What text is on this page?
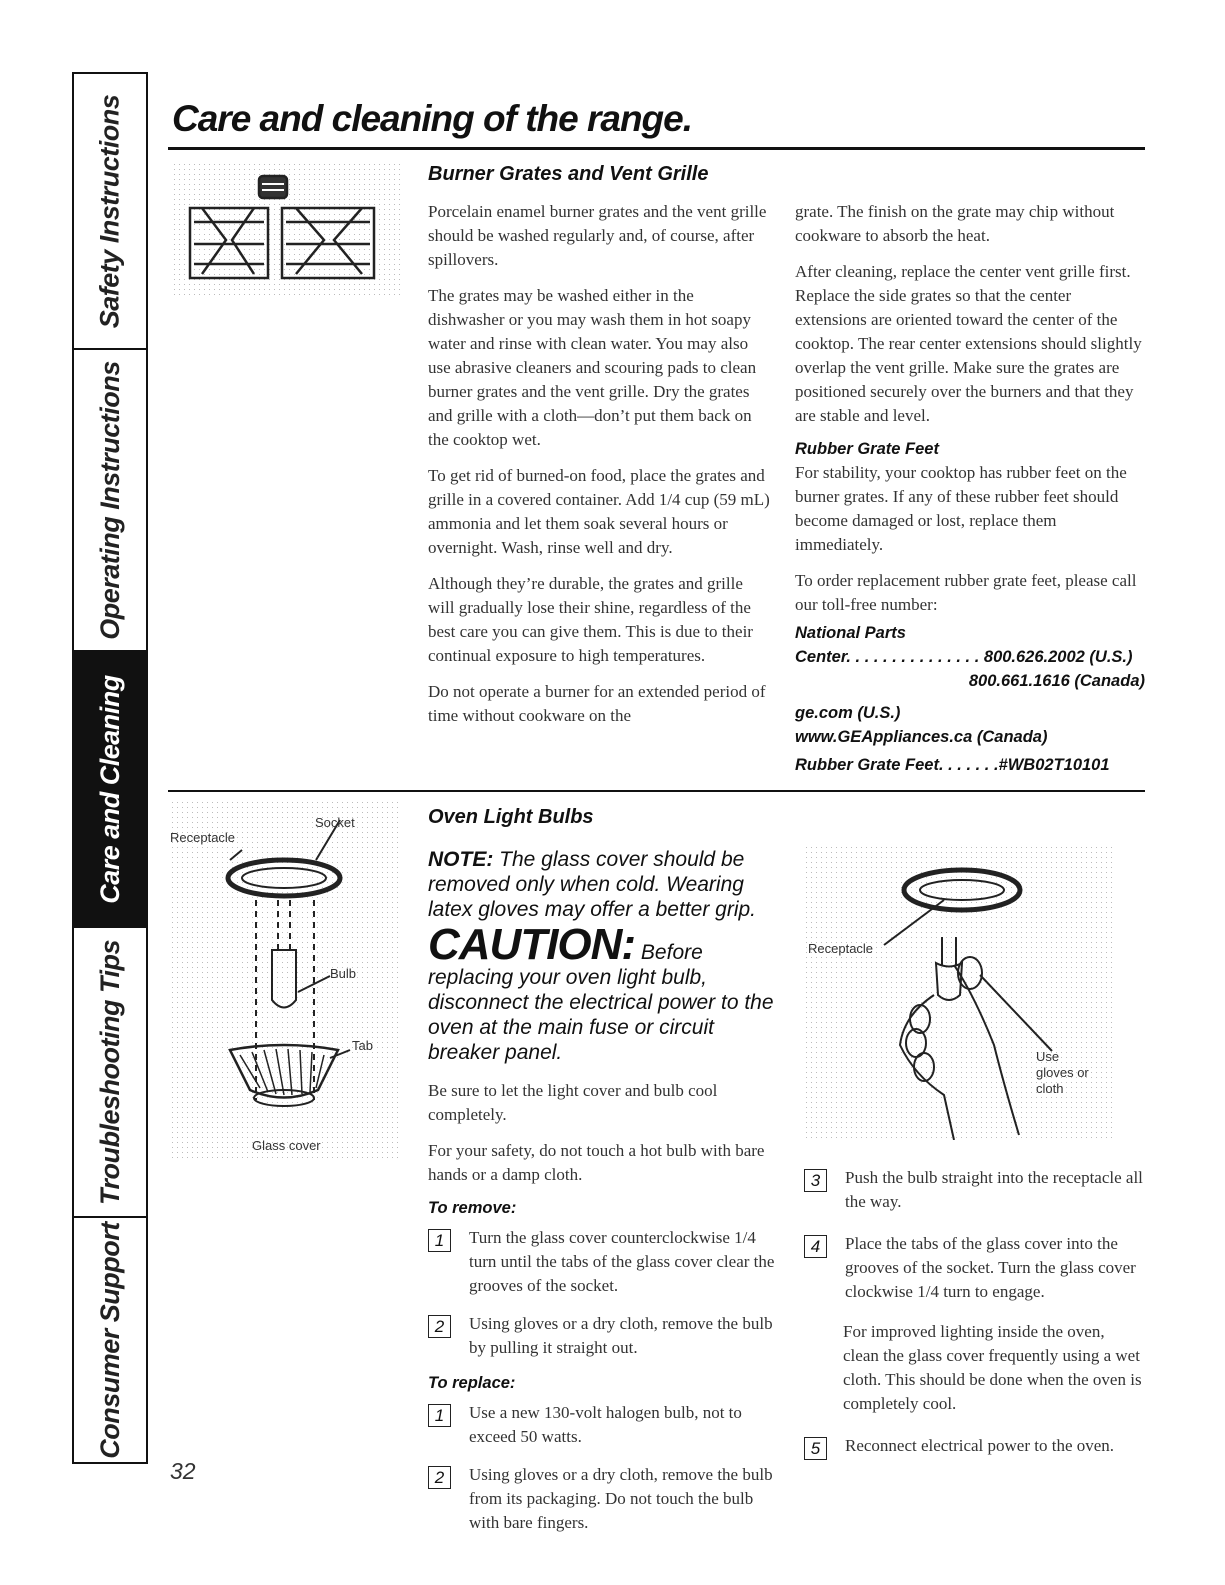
Safety Instructions
Operating Instructions
Care and Cleaning
Troubleshooting Tips
Consumer Support
Care and cleaning of the range.
Burner Grates and Vent Grille

Porcelain enamel burner grates and the vent grille should be washed regularly and, of course, after spillovers.

The grates may be washed either in the dishwasher or you may wash them in hot soapy water and rinse with clean water. You may also use abrasive cleaners and scouring pads to clean burner grates and the vent grille. Dry the grates and grille with a cloth—don’t put them back on the cooktop wet.

To get rid of burned-on food, place the grates and grille in a covered container. Add 1/4 cup (59 mL) ammonia and let them soak several hours or overnight. Wash, rinse well and dry.

Although they’re durable, the grates and grille will gradually lose their shine, regardless of the best care you can give them. This is due to their continual exposure to high temperatures.

Do not operate a burner for an extended period of time without cookware on the

grate. The finish on the grate may chip without cookware to absorb the heat.

After cleaning, replace the center vent grille first. Replace the side grates so that the center extensions are oriented toward the center of the cooktop. The rear center extensions should slightly overlap the vent grille. Make sure the grates are positioned securely over the burners and that they are stable and level.

Rubber Grate Feet

For stability, your cooktop has rubber feet on the burner grates. If any of these rubber feet should become damaged or lost, replace them immediately.

To order replacement rubber grate feet, please call our toll-free number:

National Parts
Center. . . . . . . . . . . . . . . 800.626.2002 (U.S.)
800.661.1616 (Canada)
ge.com (U.S.)
www.GEAppliances.ca (Canada)
Rubber Grate Feet. . . . . . .#WB02T10101
Socket
Receptacle
Bulb
Tab
Glass cover

Oven Light Bulbs

NOTE: The glass cover should be removed only when cold. Wearing latex gloves may offer a better grip.

CAUTION: Before replacing your oven light bulb, disconnect the electrical power to the oven at the main fuse or circuit breaker panel.

Be sure to let the light cover and bulb cool completely.

For your safety, do not touch a hot bulb with bare hands or a damp cloth.

To remove:

1	Turn the glass cover counterclockwise 1/4 turn until the tabs of the glass cover clear the grooves of the socket.

2	Using gloves or a dry cloth, remove the bulb by pulling it straight out.

To replace:

1	Use a new 130-volt halogen bulb, not to exceed 50 watts.

2	Using gloves or a dry cloth, remove the bulb from its packaging. Do not touch the bulb with bare fingers.

Receptacle
Use gloves or cloth
3	Push the bulb straight into the receptacle all the way.

4	Place the tabs of the glass cover into the grooves of the socket. Turn the glass cover clockwise 1/4 turn to engage.

For improved lighting inside the oven, clean the glass cover frequently using a wet cloth. This should be done when the oven is completely cool.

5	Reconnect electrical power to the oven.

32
